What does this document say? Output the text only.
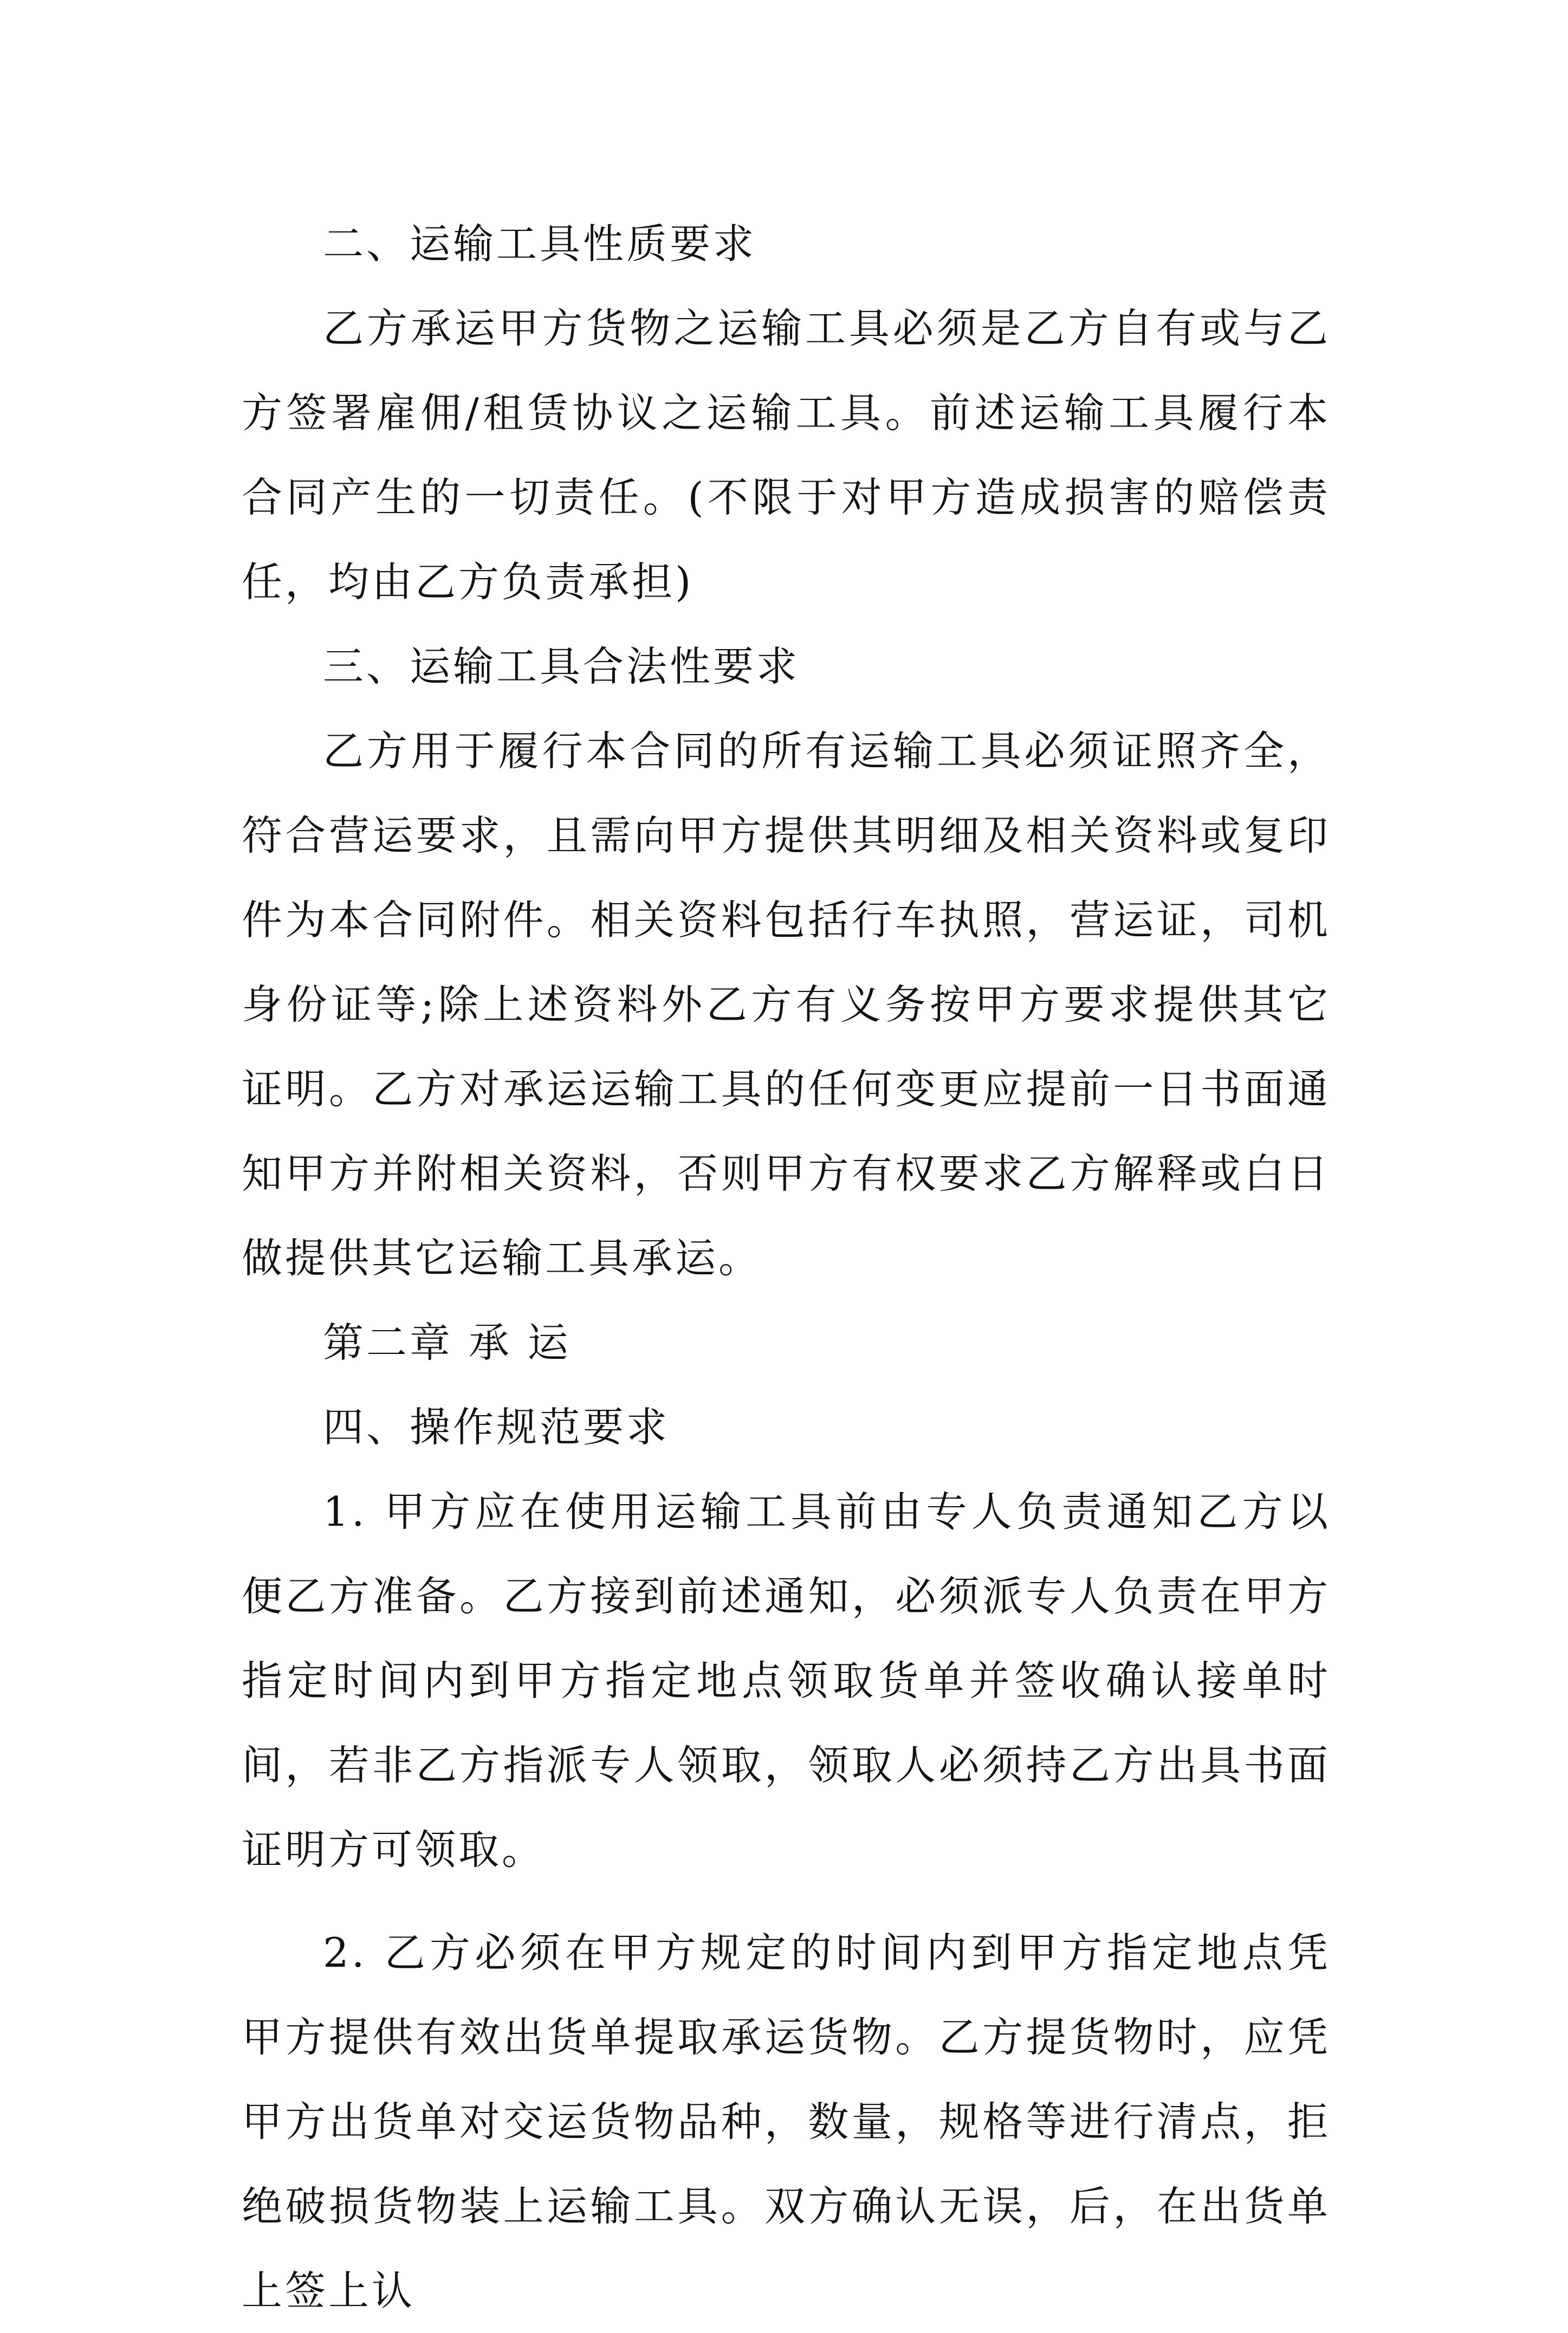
二、运输工具性质要求

乙方承运甲方货物之运输工具必须是乙方自有或与乙方签署雇佣/租赁协议之运输工具。前述运输工具履行本合同产生的一切责任。(不限于对甲方造成损害的赔偿责任，均由乙方负责承担)

三、运输工具合法性要求

乙方用于履行本合同的所有运输工具必须证照齐全，符合营运要求，且需向甲方提供其明细及相关资料或复印件为本合同附件。相关资料包括行车执照，营运证，司机身份证等;除上述资料外乙方有义务按甲方要求提供其它证明。乙方对承运运输工具的任何变更应提前一日书面通知甲方并附相关资料，否则甲方有权要求乙方解释或白日做提供其它运输工具承运。

第二章 承 运

四、操作规范要求

1. 甲方应在使用运输工具前由专人负责通知乙方以便乙方准备。乙方接到前述通知，必须派专人负责在甲方指定时间内到甲方指定地点领取货单并签收确认接单时间，若非乙方指派专人领取，领取人必须持乙方出具书面证明方可领取。

2. 乙方必须在甲方规定的时间内到甲方指定地点凭甲方提供有效出货单提取承运货物。乙方提货物时，应凭甲方出货单对交运货物品种，数量，规格等进行清点，拒绝破损货物装上运输工具。双方确认无误，后，在出货单上签上认
